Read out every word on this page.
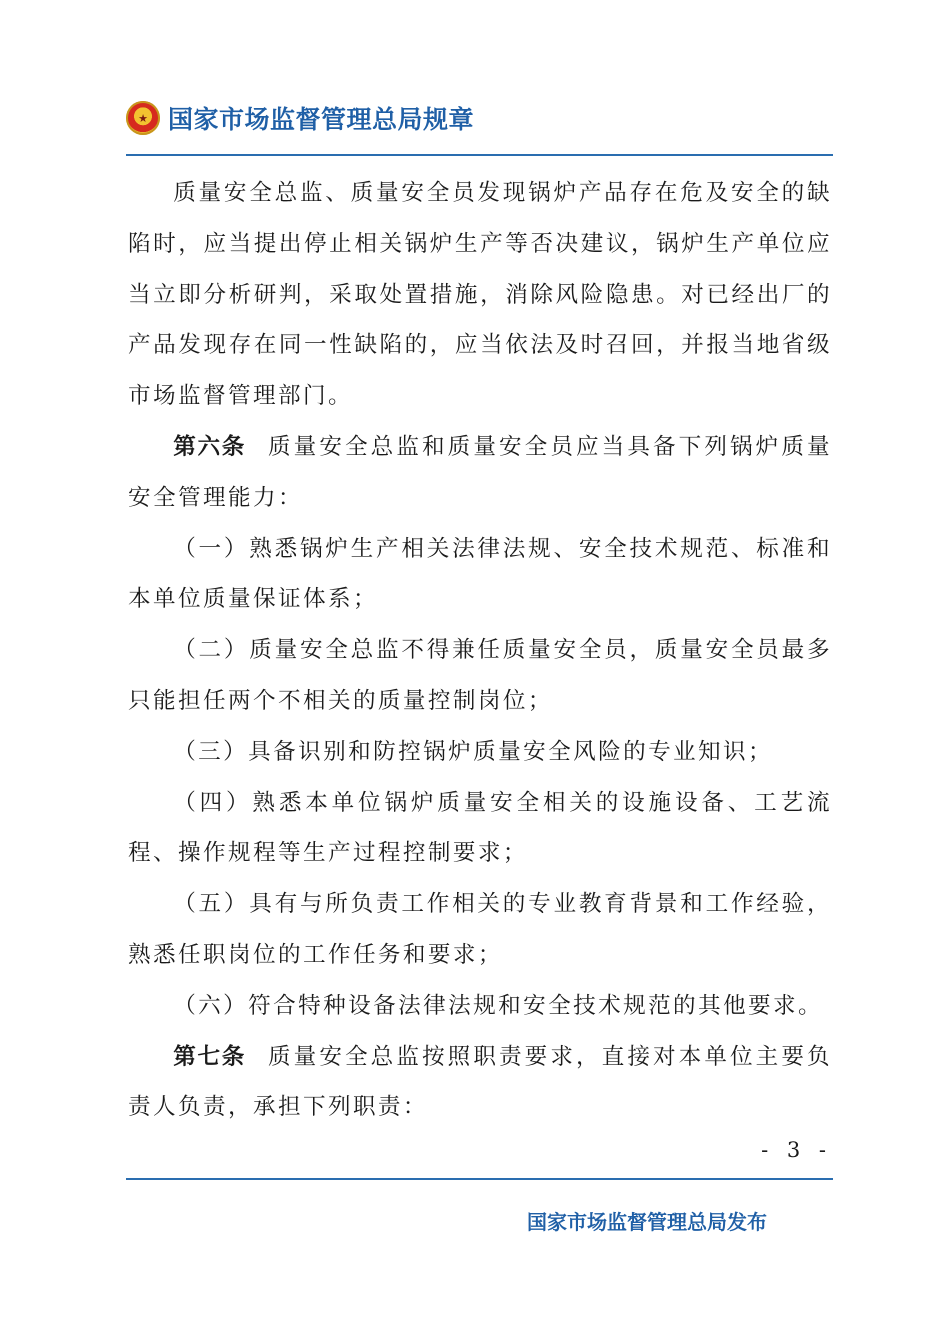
★ 国家市场监督管理总局规章

质量安全总监、质量安全员发现锅炉产品存在危及安全的缺陷时，应当提出停止相关锅炉生产等否决建议，锅炉生产单位应当立即分析研判，采取处置措施，消除风险隐患。对已经出厂的产品发现存在同一性缺陷的，应当依法及时召回，并报当地省级市场监督管理部门。

第六条 质量安全总监和质量安全员应当具备下列锅炉质量安全管理能力：

（一）熟悉锅炉生产相关法律法规、安全技术规范、标准和本单位质量保证体系；

（二）质量安全总监不得兼任质量安全员，质量安全员最多只能担任两个不相关的质量控制岗位；

（三）具备识别和防控锅炉质量安全风险的专业知识；

（四）熟悉本单位锅炉质量安全相关的设施设备、工艺流程、操作规程等生产过程控制要求；

（五）具有与所负责工作相关的专业教育背景和工作经验，熟悉任职岗位的工作任务和要求；

（六）符合特种设备法律法规和安全技术规范的其他要求。

第七条 质量安全总监按照职责要求，直接对本单位主要负责人负责，承担下列职责：

- 3 -
国家市场监督管理总局发布
